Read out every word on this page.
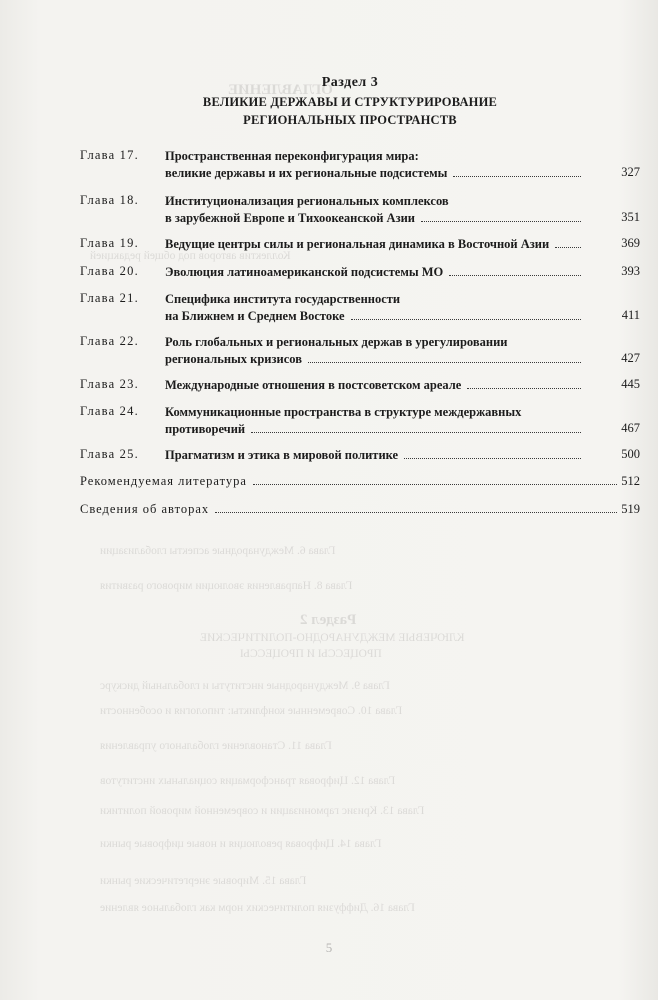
ОГЛАВЛЕНИЕ
Коллектив авторов под общей редакцией
Глава 6. Международные аспекты глобализации
Глава 8. Направления эволюции мирового развития
Раздел 2
КЛЮЧЕВЫЕ МЕЖДУНАРОДНО-ПОЛИТИЧЕСКИЕ
ПРОЦЕССЫ И ПРОЦЕССЫ
Глава 9. Международные институты и глобальный дискурс
Глава 10. Современные конфликты: типология и особенности
Глава 11. Становление глобального управления
Глава 12. Цифровая трансформация социальных институтов
Глава 13. Кризис гармонизации и современной мировой политики
Глава 14. Цифровая революция и новые цифровые рынки
Глава 15. Мировые энергетические рынки
Глава 16. Диффузия политических норм как глобальное явление
Раздел 3
ВЕЛИКИЕ ДЕРЖАВЫ И СТРУКТУРИРОВАНИЕ
РЕГИОНАЛЬНЫХ ПРОСТРАНСТВ
Глава 17.	Пространственная переконфигурация мира:
великие державы и их региональные подсистемы	327
Глава 18.	Институционализация региональных комплексов
в зарубежной Европе и Тихоокеанской Азии	351
Глава 19.	Ведущие центры силы и региональная динамика в Восточной Азии	369
Глава 20.	Эволюция латиноамериканской подсистемы МО	393
Глава 21.	Специфика института государственности
на Ближнем и Среднем Востоке	411
Глава 22.	Роль глобальных и региональных держав в урегулировании
региональных кризисов	427
Глава 23.	Международные отношения в постсоветском ареале	445
Глава 24.	Коммуникационные пространства в структуре междержавных
противоречий	467
Глава 25.	Прагматизм и этика в мировой политике	500
Рекомендуемая литература	512
Сведения об авторах	519
5
